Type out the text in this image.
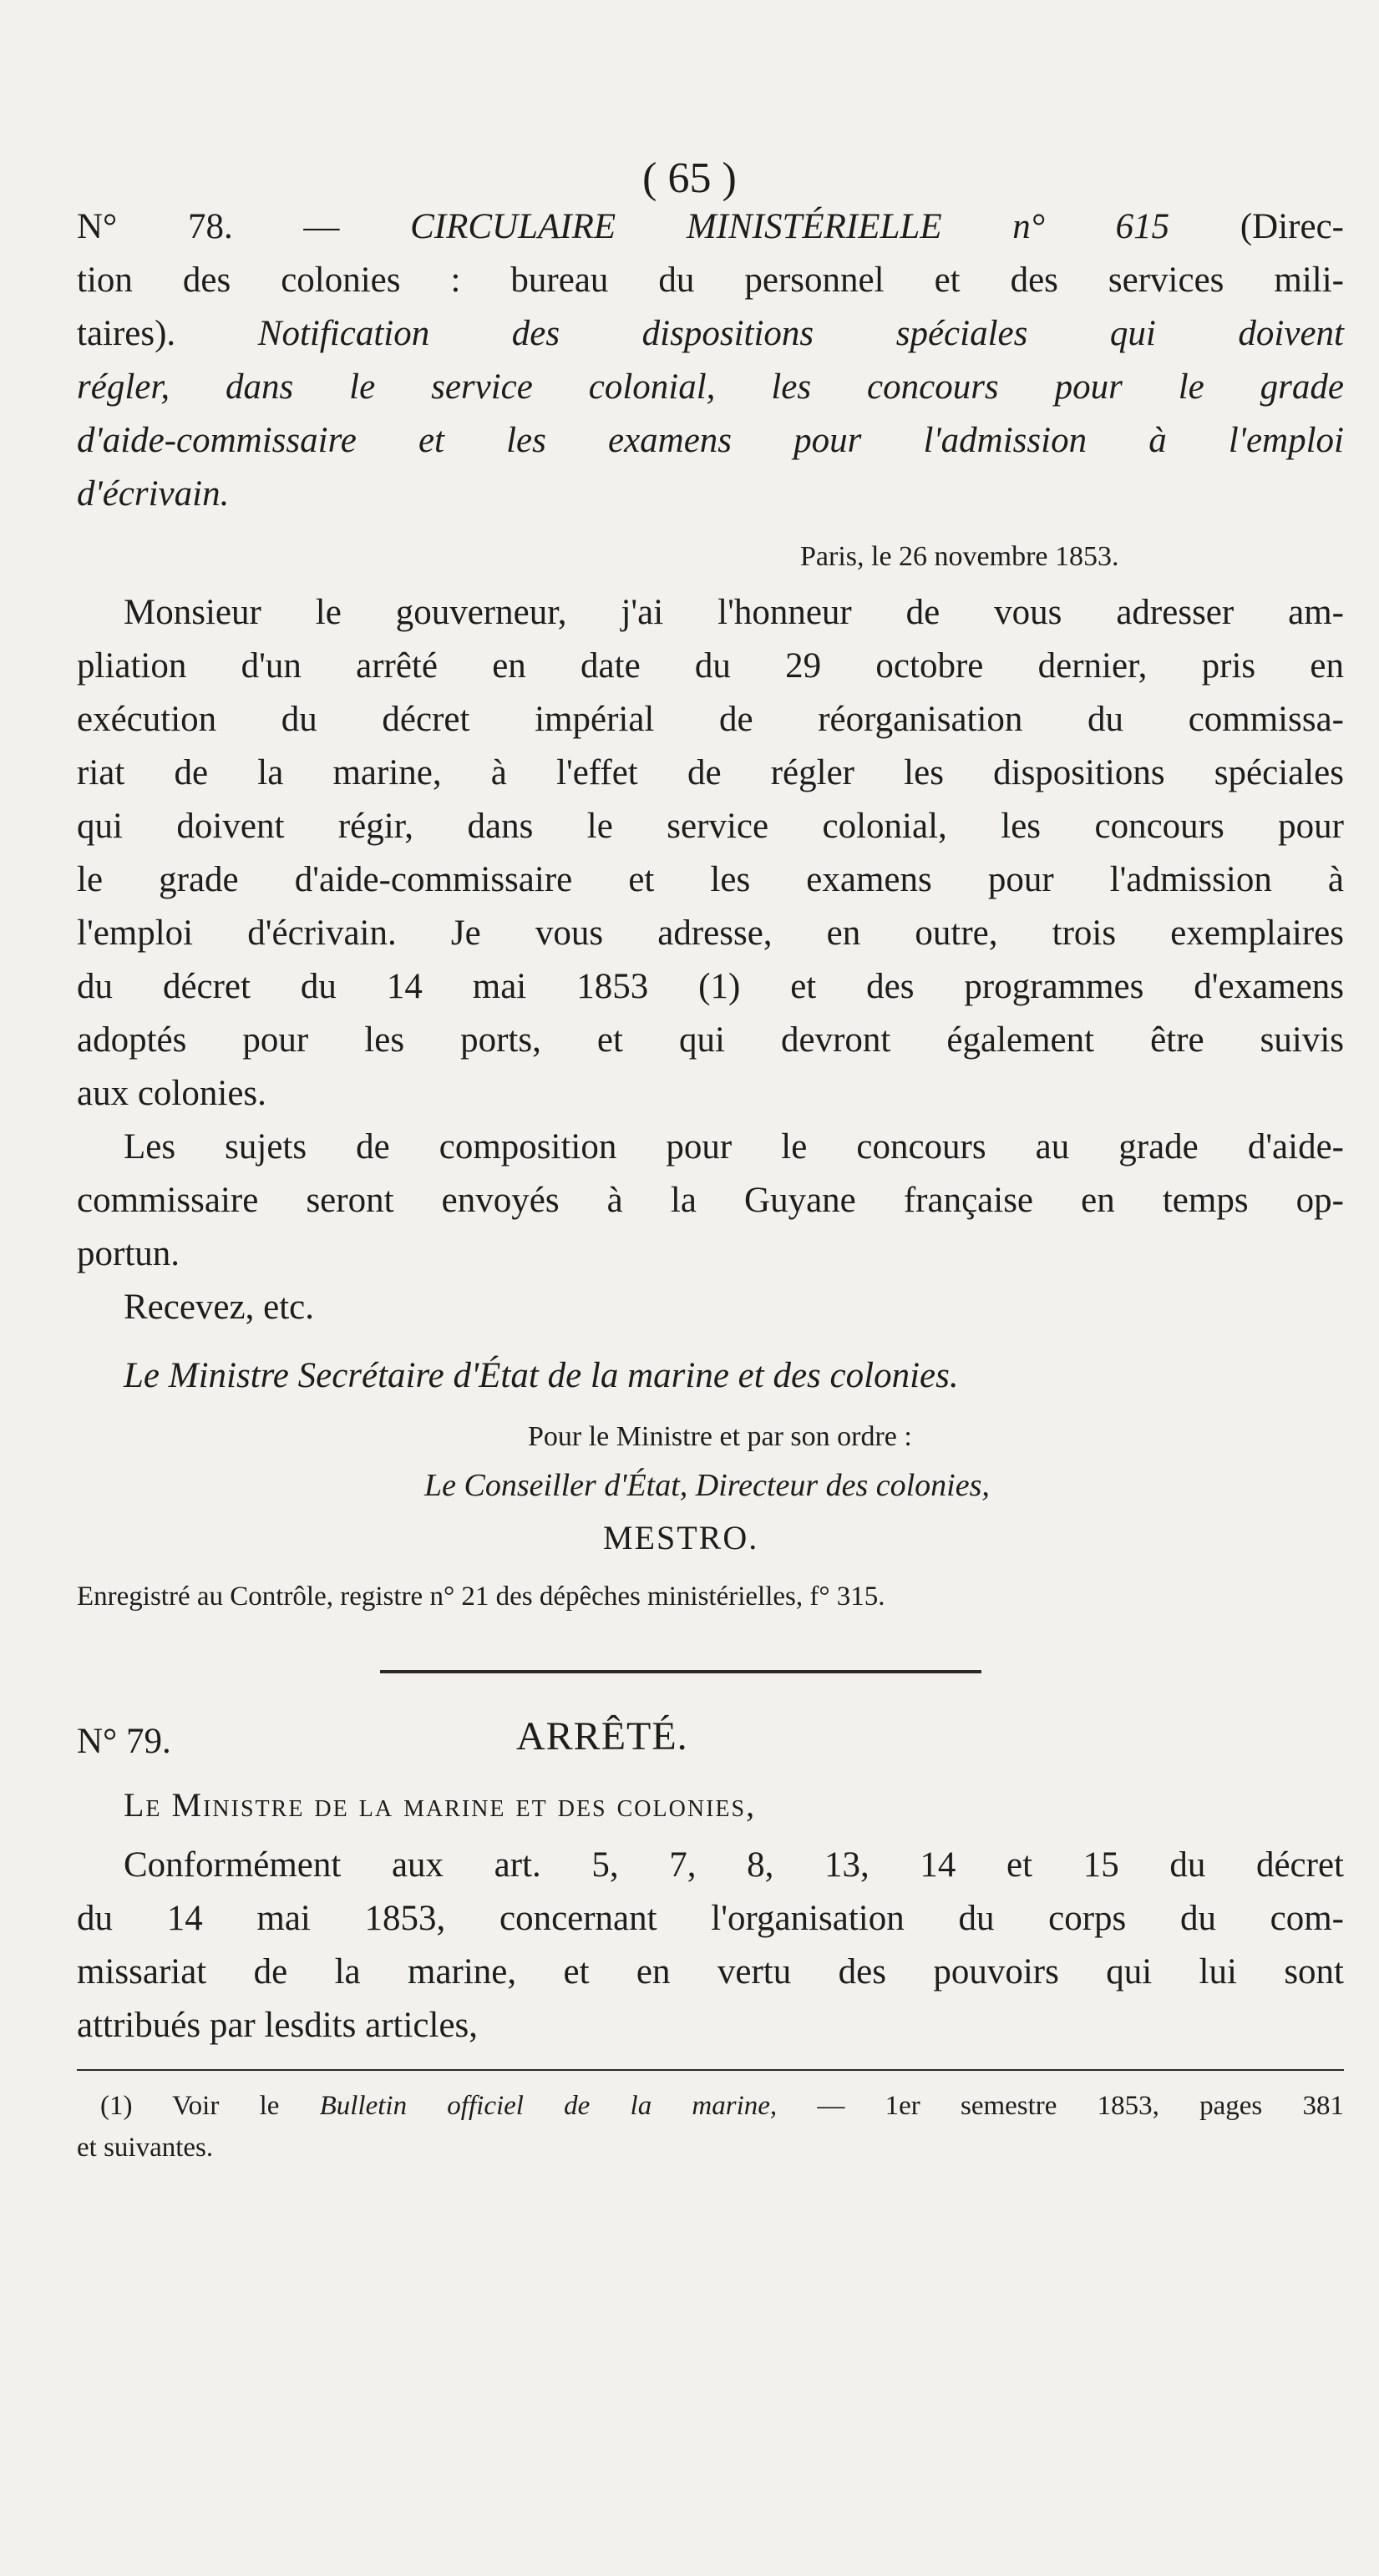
( 65 )
N° 78. — CIRCULAIRE MINISTÉRIELLE n° 615 (Direc-
tion des colonies : bureau du personnel et des services mili-
taires). Notification des dispositions spéciales qui doivent
régler, dans le service colonial, les concours pour le grade
d'aide-commissaire et les examens pour l'admission à l'emploi
d'écrivain.
Paris, le 26 novembre 1853.
Monsieur le gouverneur, j'ai l'honneur de vous adresser am-
pliation d'un arrêté en date du 29 octobre dernier, pris en
exécution du décret impérial de réorganisation du commissa-
riat de la marine, à l'effet de régler les dispositions spéciales
qui doivent régir, dans le service colonial, les concours pour
le grade d'aide-commissaire et les examens pour l'admission à
l'emploi d'écrivain. Je vous adresse, en outre, trois exemplaires
du décret du 14 mai 1853 (1) et des programmes d'examens
adoptés pour les ports, et qui devront également être suivis
aux colonies.
Les sujets de composition pour le concours au grade d'aide-
commissaire seront envoyés à la Guyane française en temps op-
portun.
Recevez, etc.
Le Ministre Secrétaire d'État de la marine et des colonies.
Pour le Ministre et par son ordre :
Le Conseiller d'État, Directeur des colonies,
MESTRO.
Enregistré au Contrôle, registre n° 21 des dépêches ministérielles, f° 315.
N° 79.	ARRÊTÉ.
Le Ministre de la marine et des colonies,
Conformément aux art. 5, 7, 8, 13, 14 et 15 du décret
du 14 mai 1853, concernant l'organisation du corps du com-
missariat de la marine, et en vertu des pouvoirs qui lui sont
attribués par lesdits articles,
(1) Voir le Bulletin officiel de la marine, — 1er semestre 1853, pages 381
et suivantes.
